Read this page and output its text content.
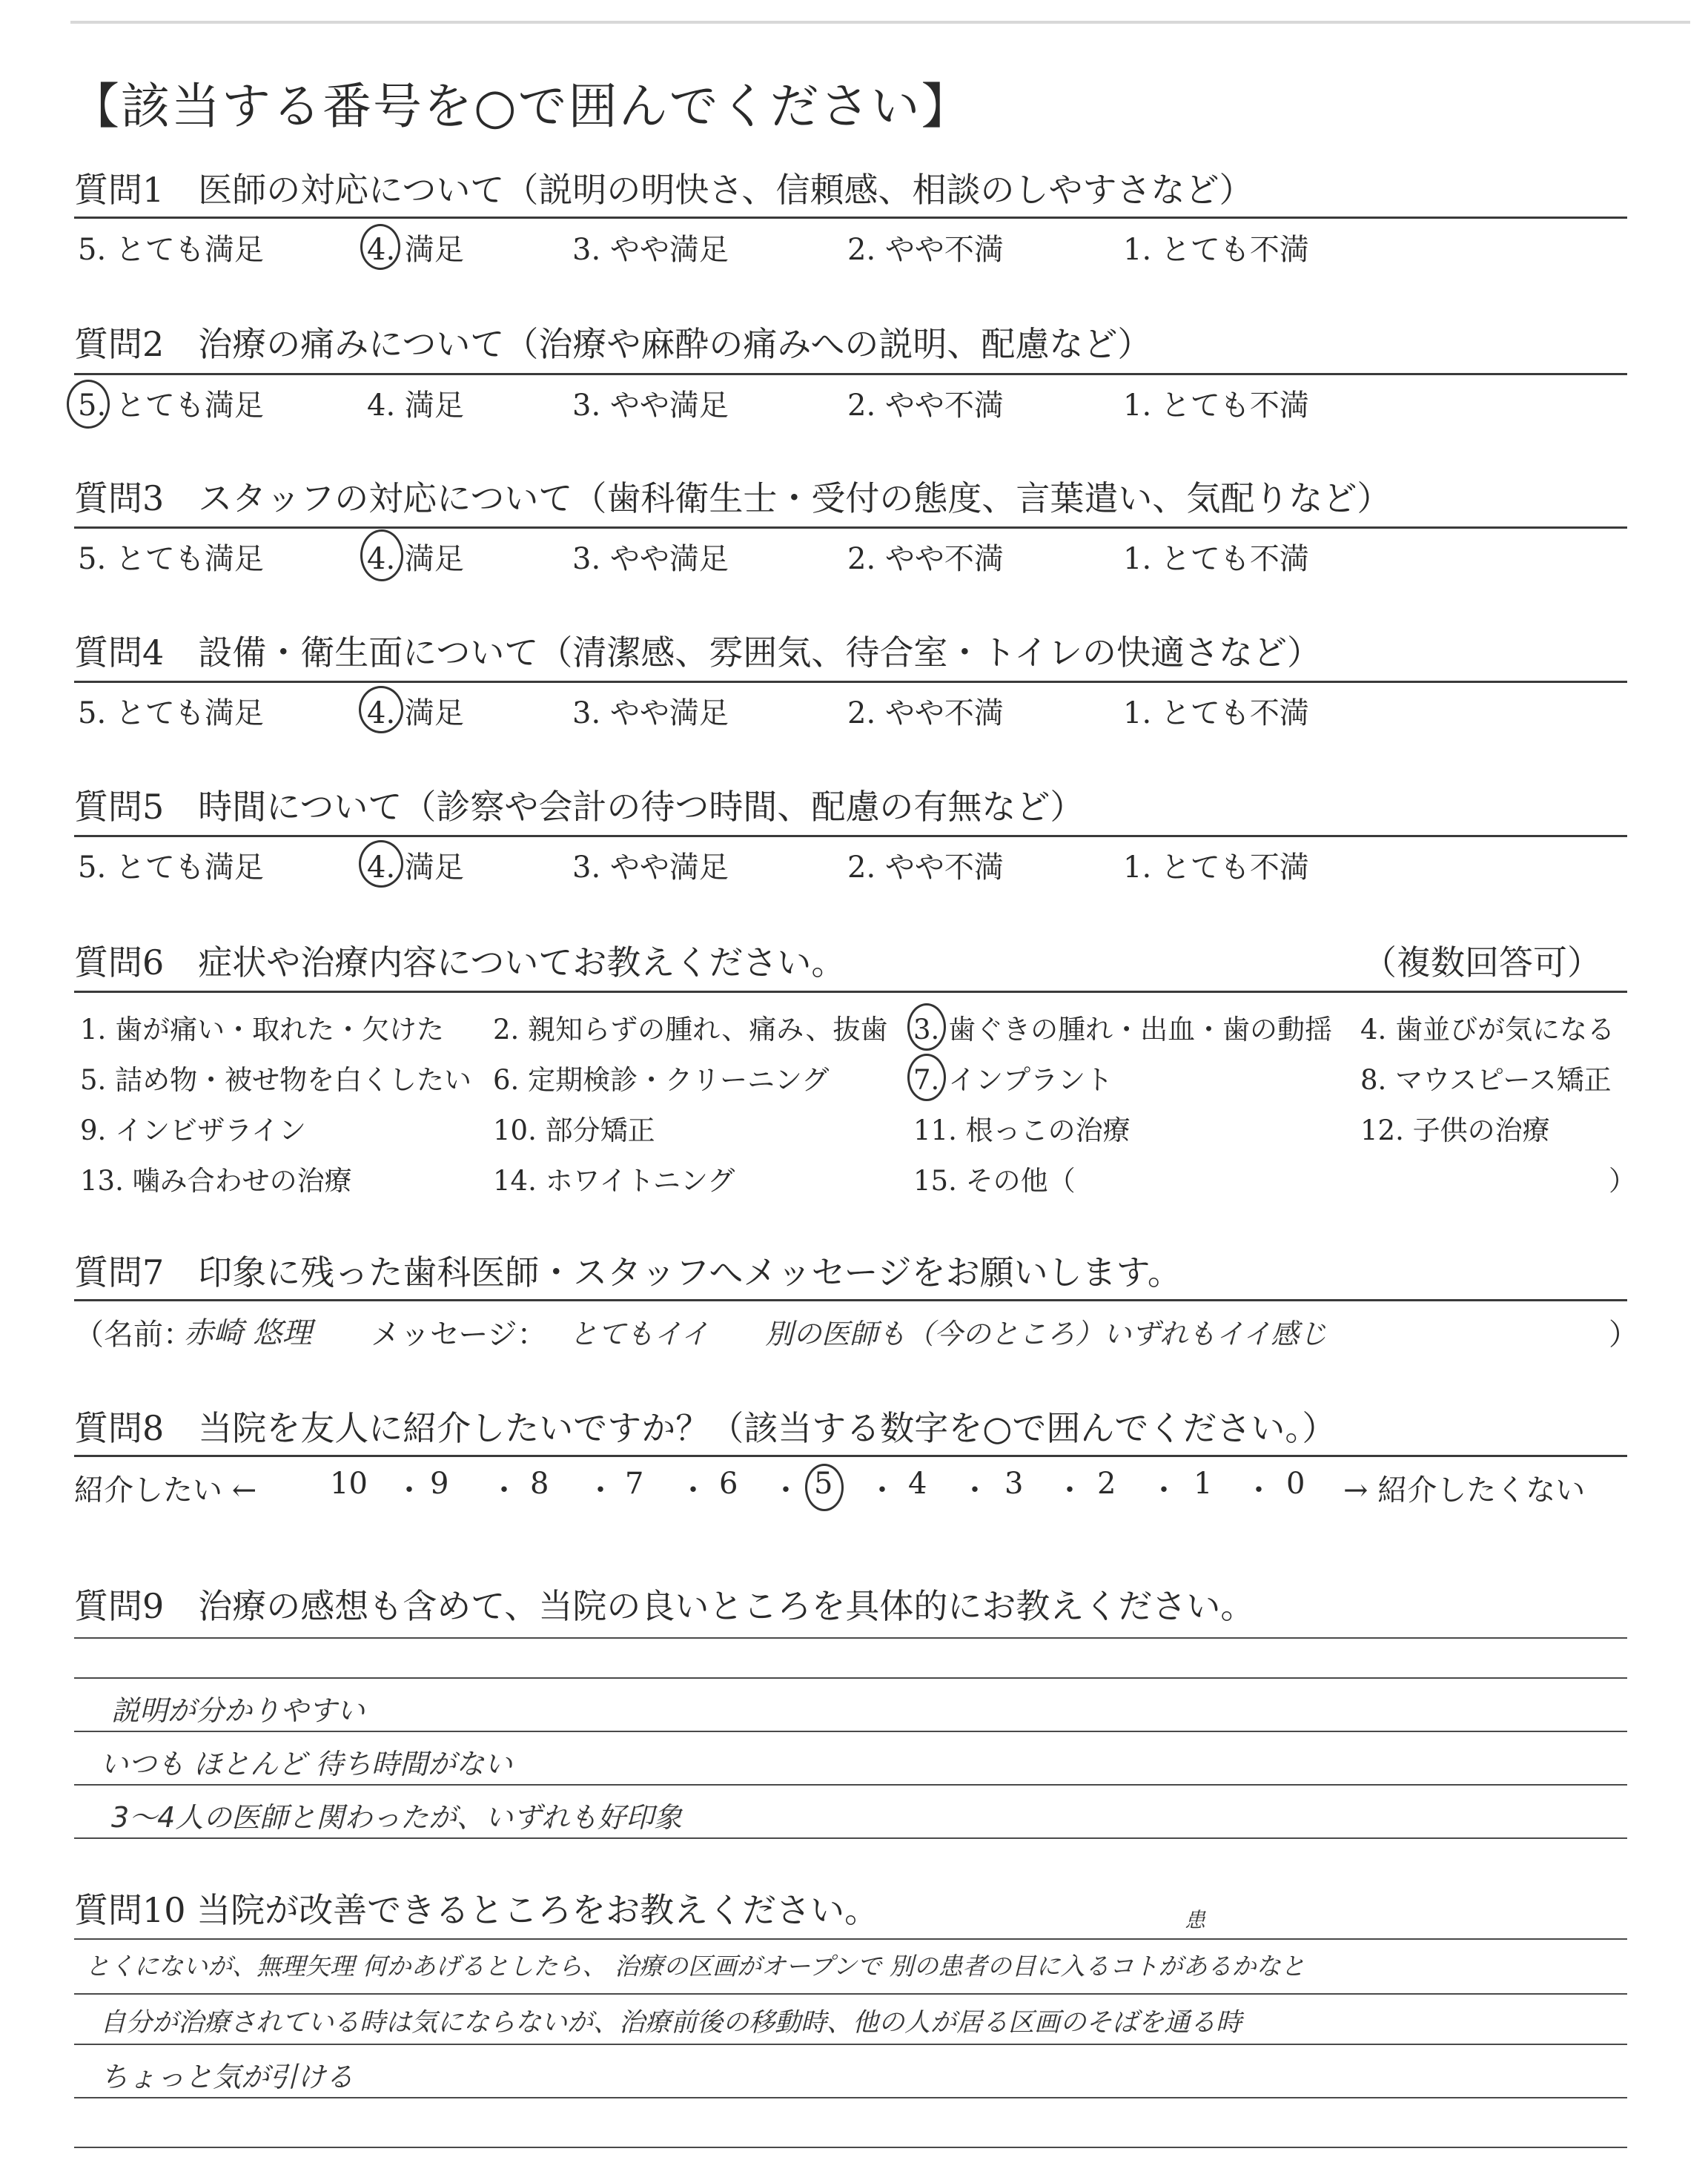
【該当する番号を○で囲んでください】
質問1　医師の対応について（説明の明快さ、信頼感、相談のしやすさなど）
5. とても満足	4. 満足	3. やや満足	2. やや不満	1. とても不満
質問2　治療の痛みについて（治療や麻酔の痛みへの説明、配慮など）
5. とても満足	4. 満足	3. やや満足	2. やや不満	1. とても不満
質問3　スタッフの対応について（歯科衛生士・受付の態度、言葉遣い、気配りなど）
5. とても満足	4. 満足	3. やや満足	2. やや不満	1. とても不満
質問4　設備・衛生面について（清潔感、雰囲気、待合室・トイレの快適さなど）
5. とても満足	4. 満足	3. やや満足	2. やや不満	1. とても不満
質問5　時間について（診察や会計の待つ時間、配慮の有無など）
5. とても満足	4. 満足	3. やや満足	2. やや不満	1. とても不満
質問6　症状や治療内容についてお教えください。	（複数回答可）
1. 歯が痛い・取れた・欠けた 2. 親知らずの腫れ、痛み、抜歯 3. 歯ぐきの腫れ・出血・歯の動揺 4. 歯並びが気になる
5. 詰め物・被せ物を白くしたい 6. 定期検診・クリーニング	7. インプラント	8. マウスピース矯正
9. インビザライン	10. 部分矯正	11. 根っこの治療	12. 子供の治療
13. 噛み合わせの治療	14. ホワイトニング	15. その他（	）
質問7　印象に残った歯科医師・スタッフへメッセージをお願いします。
（名前：
赤崎 悠理 メッセージ： とてもイイ　　別の医師も（今のところ）いずれもイイ感じ	）
質問8　当院を友人に紹介したいですか？（該当する数字を○で囲んでください。）
紹介したい ← 10 9	8	7	6	5	4	3 2	1 0
・ ・ ・ ・ ・ ・ ・ ・ ・ ・ → 紹介したくない
質問9　治療の感想も含めて、当院の良いところを具体的にお教えください。
説明が分かりやすい
いつも ほとんど 待ち時間がない
3〜4人の医師と関わったが、いずれも好印象
質問10 当院が改善できるところをお教えください。	患
とくにないが、無理矢理 何かあげるとしたら、 治療の区画がオープンで 別の患者の目に入るコトがあるかなと
自分が治療されている時は気にならないが、治療前後の移動時、他の人が居る区画のそばを通る時
ちょっと気が引ける
